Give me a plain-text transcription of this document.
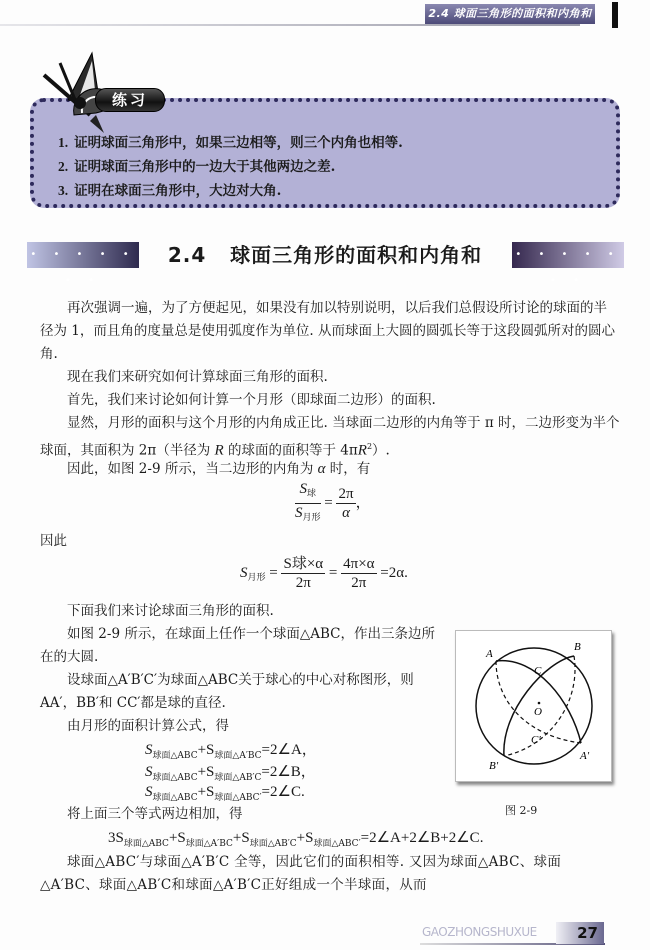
2.4 球面三角形的面积和内角和
练习
1. 证明球面三角形中，如果三边相等，则三个内角也相等.
2. 证明球面三角形中的一边大于其他两边之差.
3. 证明在球面三角形中，大边对大角.
• • • • • • •
2.4 球面三角形的面积和内角和	• • • • • • •
再次强调一遍，为了方便起见，如果没有加以特别说明，以后我们总假设所讨论的球面的半径为 1，而且角的度量总是使用弧度作为单位. 从而球面上大圆的圆弧长等于这段圆弧所对的圆心角.
现在我们来研究如何计算球面三角形的面积.
首先，我们来讨论如何计算一个月形（即球面二边形）的面积.
显然，月形的面积与这个月形的内角成正比. 当球面二边形的内角等于 π 时，二边形变为半个球面，其面积为 2π（半径为 R 的球面的面积等于 $4\pi R^2$）.
因此，如图 2-9 所示，当二边形的内角为 α 时，有
$\frac{S_球}{S_{月形}} = \frac{2\pi}{\alpha}$ ，
因此
$S_{月形} = \frac{\text{S球×α}}{2\pi} = \frac{4\pi\times\alpha}{2\pi} =2\alpha$.
下面我们来讨论球面三角形的面积.
如图 2-9 所示，在球面上任作一个球面△ABC，作出三条边所在的大圆.
设球面△A′B′C′为球面△ABC关于球心的中心对称图形，则 AA′，BB′和 CC′都是球的直径.
由月形的面积计算公式，得
$S_{球面\triangle ABC}+S_{球面\triangle A'BC}=2\angle A$，
$S_{球面\triangle ABC}+S_{球面\triangle AB'C}=2\angle B$，
$S_{球面\triangle ABC}+S_{球面\triangle ABC'}=2\angle C$.
将上面三个等式两边相加，得
$3S_{球面\triangle ABC}+S_{球面\triangle A'BC}+S_{球面\triangle AB'C}+S_{球面\triangle ABC'}=2\angle A+2\angle B+2\angle C$.
球面△ABC′与球面△A′B′C 全等，因此它们的面积相等. 又因为球面△ABC、球面△A′BC、球面△AB′C和球面△A′B′C正好组成一个半球面，从而
A
B
C
O
C′
A′
B′
图 2-9
GAOZHONGSHUXUE	27
